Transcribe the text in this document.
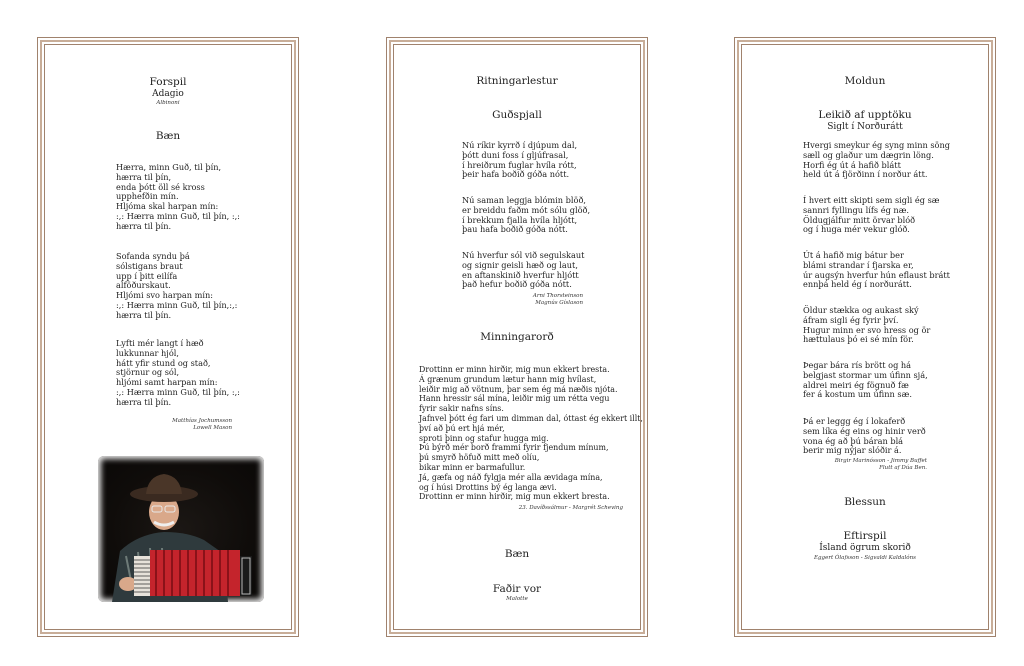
Forspil
Adagio
Albinoni
Bæn
Hærra, minn Guð, til þín,
hærra til þín,
enda þótt öll sé kross
upphefðin mín.
Hljóma skal harpan mín:
:,: Hærra minn Guð, til þín, :,:
hærra til þín.
Sofanda syndu þá
sólstigans braut
upp í þitt eilífa
alföðurskaut.
Hljómi svo harpan mín:
:,: Hærra minn Guð, til þín,:,:
hærra til þín.
Lyfti mér langt í hæð
lukkunnar hjól,
hátt yfir stund og stað,
stjörnur og sól,
hljómi samt harpan mín:
:,: Hærra minn Guð, til þín, :,:
hærra til þín.
Matthías Jochumsson
Lowell Mason
Ritningarlestur
Guðspjall
Nú ríkir kyrrð í djúpum dal,
þótt duni foss í gljúfrasal,
í hreiðrum fuglar hvíla rótt,
þeir hafa boðið góða nótt.
Nú saman leggja blómin blöð,
er breiddu faðm mót sólu glöð,
í brekkum fjalla hvíla hljótt,
þau hafa boðið góða nótt.
Nú hverfur sól við segulskaut
og signir geisli hæð og laut,
en aftanskinið hverfur hljótt
það hefur boðið góða nótt.
Arni Thorsteinson
Magnús Gíslason
Minningarorð
Drottinn er minn hirðir, mig mun ekkert bresta.
Á grænum grundum lætur hann mig hvílast,
leiðir mig að vötnum, þar sem ég má næðis njóta.
Hann hressir sál mína, leiðir mig um rétta vegu
fyrir sakir nafns síns.
Jafnvel þótt ég fari um dimman dal, óttast ég ekkert illt,
því að þú ert hjá mér,
sproti þinn og stafur hugga mig.
Þú býrð mér borð frammi fyrir fjendum mínum,
þú smyrð höfuð mitt með olíu,
bikar minn er barmafullur.
Já, gæfa og náð fylgja mér alla ævidaga mína,
og í húsi Drottins bý ég langa ævi.
Drottinn er minn hirðir, mig mun ekkert bresta.
23. Davíðssálmur - Margrét Scheving
Bæn
Faðir vor
Malotte
Moldun
Leikið af upptöku
Siglt í Norðurátt
Hvergi smeykur ég syng minn söng
sæll og glaður um dægrin löng.
Horfi ég út á hafið blátt
held út á fjörðinn í norður átt.
Í hvert eitt skipti sem sigli ég sæ
sannri fyllingu lífs ég næ.
Öldugjálfur mitt örvar blóð
og í huga mér vekur glóð.
Út á hafið mig bátur ber
blámi strandar í fjarska er,
úr augsýn hverfur hún eflaust brátt
ennþá held ég í norðurátt.
Öldur stækka og aukast ský
áfram sigli ég fyrir því.
Hugur minn er svo hress og ör
hættulaus þó ei sé mín för.
Þegar bára rís brött og há
belgjast stormar um úfinn sjá,
aldrei meiri ég fögnuð fæ
fer á kostum um úfinn sæ.
Þá er leggg ég í lokaferð
sem líka ég eins og hinir verð
vona ég að þú báran blá
berir mig nýjar slóðir á.
Birgir Marinósson - Jimmy Buffet
Flutt af Dúa Ben.
Blessun
Eftirspil
Ísland ögrum skorið
Eggert Ólafsson - Sigvaldi Kaldalóns
